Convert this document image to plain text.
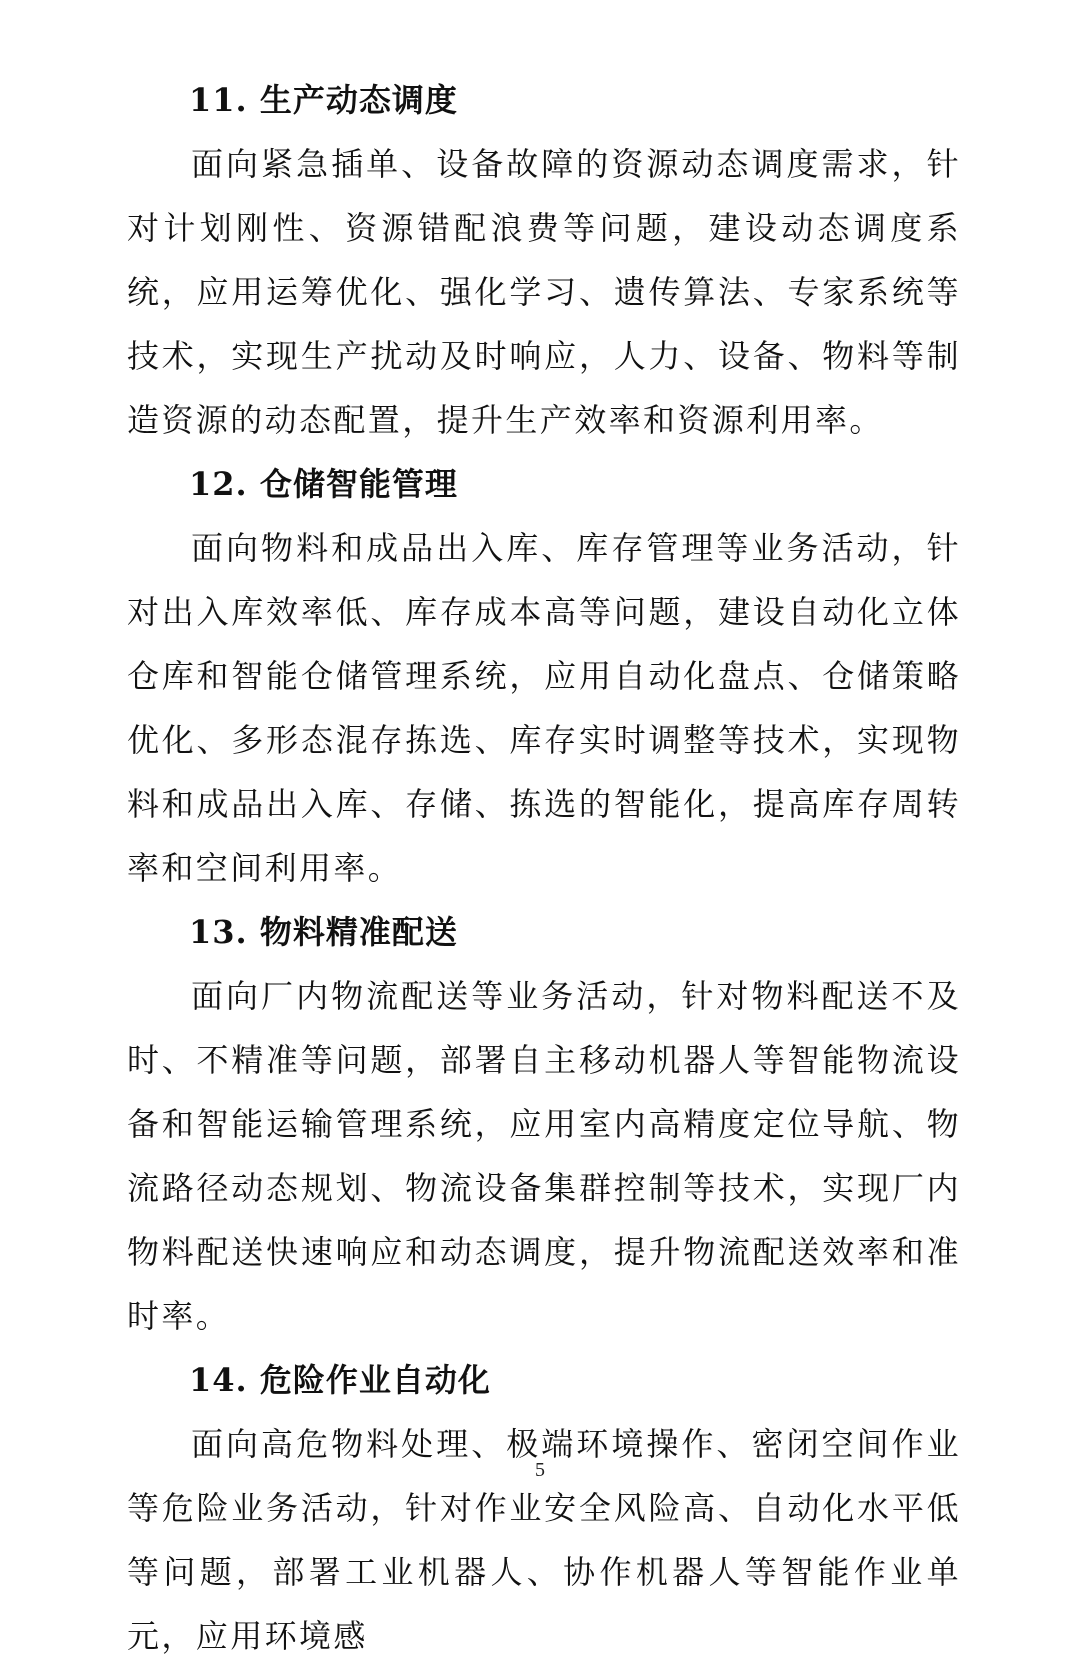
11. 生产动态调度

面向紧急插单、设备故障的资源动态调度需求，针对计划刚性、资源错配浪费等问题，建设动态调度系统，应用运筹优化、强化学习、遗传算法、专家系统等技术，实现生产扰动及时响应，人力、设备、物料等制造资源的动态配置，提升生产效率和资源利用率。

12. 仓储智能管理

面向物料和成品出入库、库存管理等业务活动，针对出入库效率低、库存成本高等问题，建设自动化立体仓库和智能仓储管理系统，应用自动化盘点、仓储策略优化、多形态混存拣选、库存实时调整等技术，实现物料和成品出入库、存储、拣选的智能化，提高库存周转率和空间利用率。

13. 物料精准配送

面向厂内物流配送等业务活动，针对物料配送不及时、不精准等问题，部署自主移动机器人等智能物流设备和智能运输管理系统，应用室内高精度定位导航、物流路径动态规划、物流设备集群控制等技术，实现厂内物料配送快速响应和动态调度，提升物流配送效率和准时率。

14. 危险作业自动化

面向高危物料处理、极端环境操作、密闭空间作业等危险业务活动，针对作业安全风险高、自动化水平低等问题，部署工业机器人、协作机器人等智能作业单元，应用环境感

5
